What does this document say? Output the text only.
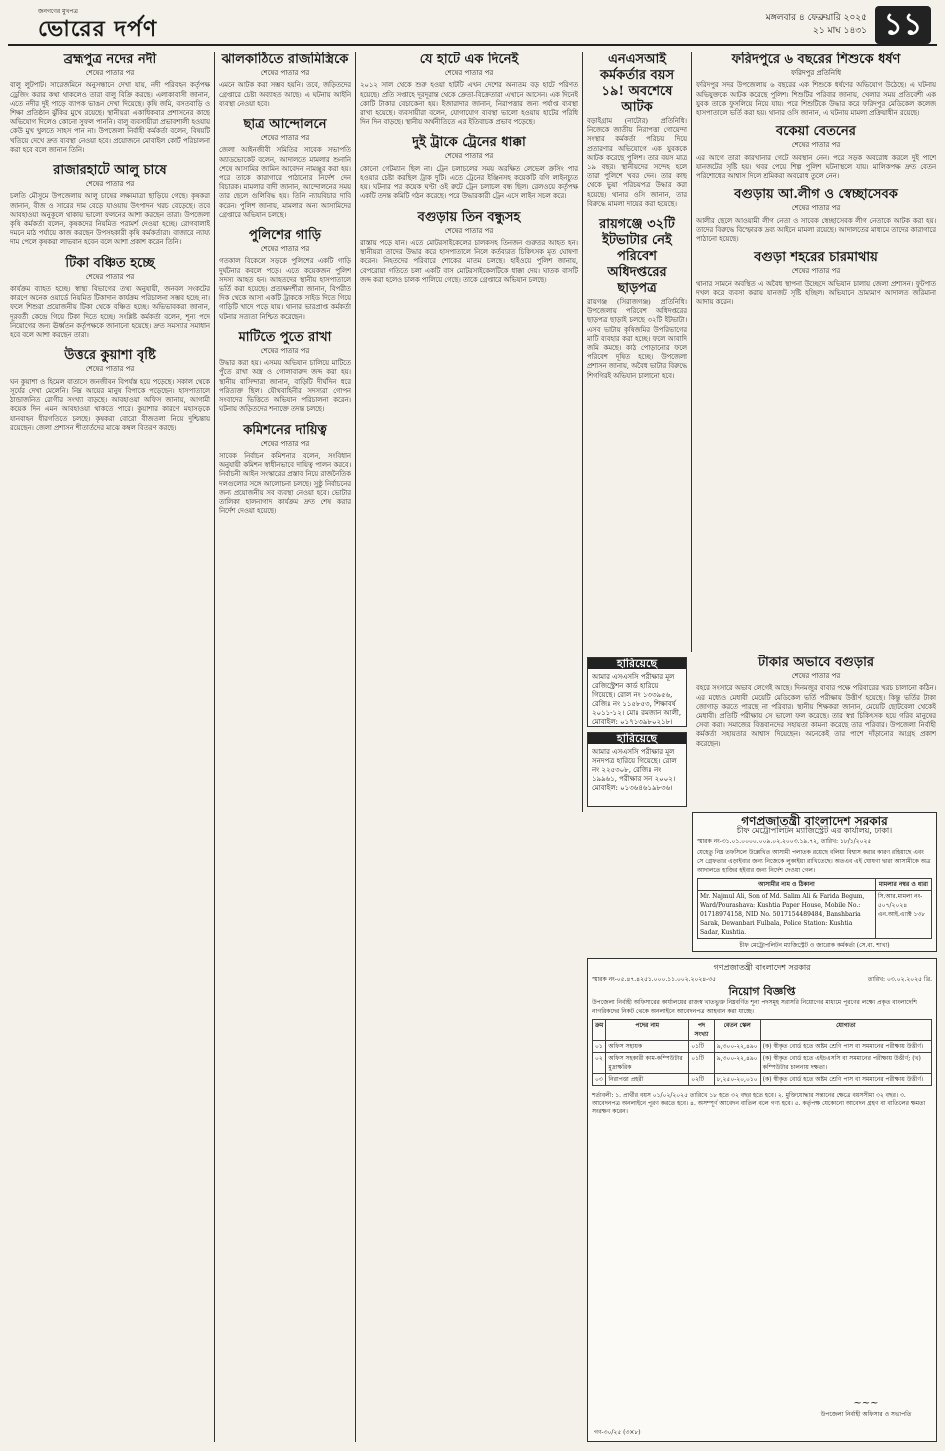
জনগণের মুখপত্র
ভোরের দর্পণ	মঙ্গলবার ৪ ফেব্রুয়ারি ২০২৫
২১ মাঘ ১৪৩১ ১১
ব্রহ্মপুত্র নদের নদী
শেষের পাতার পর
বালু লুটপাট। সারেজমিনে অনুসন্ধানে দেখা যায়, নদী পরিবহন কর্তৃপক্ষ ড্রেজিং করার কথা থাকলেও তারা বালু বিক্রি করছে। এলাকাবাসী জানান, এতে নদীর দুই পাড়ে ব্যাপক ভাঙন দেখা দিয়েছে। কৃষি জমি, বসতবাড়ি ও শিক্ষা প্রতিষ্ঠান ঝুঁকির মুখে রয়েছে। স্থানীয়রা একাধিকবার প্রশাসনের কাছে অভিযোগ দিলেও কোনো সুফল পাননি। বালু ব্যবসায়ীরা প্রভাবশালী হওয়ায় কেউ মুখ খুলতে সাহস পান না। উপজেলা নির্বাহী কর্মকর্তা বলেন, বিষয়টি খতিয়ে দেখে দ্রুত ব্যবস্থা নেওয়া হবে। প্রয়োজনে মোবাইল কোর্ট পরিচালনা করা হবে বলে জানান তিনি।
রাজারহাটে আলু চাষে
শেষের পাতার পর
চলতি মৌসুমে উপজেলায় আলু চাষের লক্ষ্যমাত্রা ছাড়িয়ে গেছে। কৃষকরা জানান, বীজ ও সারের দাম বেড়ে যাওয়ায় উৎপাদন খরচ বেড়েছে। তবে আবহাওয়া অনুকূলে থাকায় ভালো ফলনের আশা করছেন তারা। উপজেলা কৃষি কর্মকর্তা বলেন, কৃষকদের নিয়মিত পরামর্শ দেওয়া হচ্ছে। রোগবালাই দমনে মাঠ পর্যায়ে কাজ করছেন উপসহকারী কৃষি কর্মকর্তারা। বাজারে ন্যায্য দাম পেলে কৃষকরা লাভবান হবেন বলে আশা প্রকাশ করেন তিনি।
টিকা বঞ্চিত হচ্ছে
শেষের পাতার পর
কার্যক্রম ব্যাহত হচ্ছে। স্বাস্থ্য বিভাগের তথ্য অনুযায়ী, জনবল সংকটের কারণে অনেক ওয়ার্ডে নিয়মিত টিকাদান কার্যক্রম পরিচালনা সম্ভব হচ্ছে না। ফলে শিশুরা প্রয়োজনীয় টিকা থেকে বঞ্চিত হচ্ছে। অভিভাবকরা জানান, দূরবর্তী কেন্দ্রে গিয়ে টিকা দিতে হচ্ছে। সংশ্লিষ্ট কর্মকর্তা বলেন, শূন্য পদে নিয়োগের জন্য ঊর্ধ্বতন কর্তৃপক্ষকে জানানো হয়েছে। দ্রুত সমস্যার সমাধান হবে বলে আশা করছেন তারা।
উত্তরে কুয়াশা বৃষ্টি
শেষের পাতার পর
ঘন কুয়াশা ও হিমেল বাতাসে জনজীবন বিপর্যস্ত হয়ে পড়েছে। সকাল থেকে সূর্যের দেখা মেলেনি। নিম্ন আয়ের মানুষ বিপাকে পড়েছেন। হাসপাতালে ঠান্ডাজনিত রোগীর সংখ্যা বাড়ছে। আবহাওয়া অফিস জানায়, আগামী কয়েক দিন এমন আবহাওয়া থাকতে পারে। কুয়াশার কারণে মহাসড়কে যানবাহন ধীরগতিতে চলছে। কৃষকরা বোরো বীজতলা নিয়ে দুশ্চিন্তায় রয়েছেন। জেলা প্রশাসন শীতার্তদের মাঝে কম্বল বিতরণ করছে।
ঝালকাঠিতে রাজমিস্ত্রিকে
শেষের পাতার পর
এমনে আটক করা সম্ভব হয়নি। তবে, জড়িতদের গ্রেপ্তারে চেষ্টা অব্যাহত আছে। এ ঘটনায় আইনি ব্যবস্থা নেওয়া হবে।
ছাত্র আন্দোলনে
শেষের পাতার পর
জেলা আইনজীবী সমিতির সাবেক সভাপতি অ্যাডভোকেট বলেন, আদালতে মামলার শুনানি শেষে আসামির জামিন আবেদন নামঞ্জুর করা হয়। পরে তাকে কারাগারে পাঠানোর নির্দেশ দেন বিচারক। মামলার বাদী জানান, আন্দোলনের সময় তার ছেলে গুলিবিদ্ধ হয়। তিনি ন্যায়বিচার দাবি করেন। পুলিশ জানায়, মামলার অন্য আসামিদের গ্রেপ্তারে অভিযান চলছে।
পুলিশের গাড়ি
শেষের পাতার পর
গতকাল বিকেলে সড়কে পুলিশের একটি গাড়ি দুর্ঘটনার কবলে পড়ে। এতে কয়েকজন পুলিশ সদস্য আহত হন। আহতদের স্থানীয় হাসপাতালে ভর্তি করা হয়েছে। প্রত্যক্ষদর্শীরা জানান, বিপরীত দিক থেকে আসা একটি ট্রাককে সাইড দিতে গিয়ে গাড়িটি খাদে পড়ে যায়। থানার ভারপ্রাপ্ত কর্মকর্তা ঘটনার সত্যতা নিশ্চিত করেছেন।
মাটিতে পুতে রাখা
শেষের পাতার পর
উদ্ধার করা হয়। এসময় অভিযান চালিয়ে মাটিতে পুঁতে রাখা অস্ত্র ও গোলাবারুদ জব্দ করা হয়। স্থানীয় বাসিন্দারা জানান, বাড়িটি দীর্ঘদিন ধরে পরিত্যক্ত ছিল। যৌথবাহিনীর সদস্যরা গোপন সংবাদের ভিত্তিতে অভিযান পরিচালনা করেন। ঘটনায় জড়িতদের শনাক্তে তদন্ত চলছে।
কমিশনের দায়িত্ব
শেষের পাতার পর
সাবেক নির্বাচন কমিশনার বলেন, সংবিধান অনুযায়ী কমিশন স্বাধীনভাবে দায়িত্ব পালন করবে। নির্বাচনী আইন সংস্কারের প্রস্তাব নিয়ে রাজনৈতিক দলগুলোর সঙ্গে আলোচনা চলছে। সুষ্ঠু নির্বাচনের জন্য প্রয়োজনীয় সব ব্যবস্থা নেওয়া হবে। ভোটার তালিকা হালনাগাদ কার্যক্রম দ্রুত শেষ করার নির্দেশ দেওয়া হয়েছে।
যে হাটে এক দিনেই
শেষের পাতার পর
২০১২ সাল থেকে শুরু হওয়া হাটটি এখন দেশের অন্যতম বড় হাটে পরিণত হয়েছে। প্রতি সপ্তাহে দূরদূরান্ত থেকে ক্রেতা-বিক্রেতারা এখানে আসেন। এক দিনেই কোটি টাকার বেচাকেনা হয়। ইজারাদার জানান, নিরাপত্তার জন্য পর্যাপ্ত ব্যবস্থা রাখা হয়েছে। ব্যবসায়ীরা বলেন, যোগাযোগ ব্যবস্থা ভালো হওয়ায় হাটের পরিধি দিন দিন বাড়ছে। স্থানীয় অর্থনীতিতে এর ইতিবাচক প্রভাব পড়েছে।
দুই ট্রাকে ট্রেনের ধাক্কা
শেষের পাতার পর
কোনো গেটম্যান ছিল না। ট্রেন চলাচলের সময় অরক্ষিত লেভেল ক্রসিং পার হওয়ার চেষ্টা করছিল ট্রাক দুটি। এতে ট্রেনের ইঞ্জিনসহ কয়েকটি বগি লাইনচ্যুত হয়। ঘটনার পর কয়েক ঘণ্টা ওই রুটে ট্রেন চলাচল বন্ধ ছিল। রেলওয়ে কর্তৃপক্ষ একটি তদন্ত কমিটি গঠন করেছে। পরে উদ্ধারকারী ট্রেন এসে লাইন সচল করে।
বগুড়ায় তিন বন্ধুসহ
শেষের পাতার পর
রাস্তায় পড়ে যান। এতে মোটরসাইকেলের চালকসহ তিনজন গুরুতর আহত হন। স্থানীয়রা তাদের উদ্ধার করে হাসপাতালে নিলে কর্তব্যরত চিকিৎসক মৃত ঘোষণা করেন। নিহতদের পরিবারে শোকের মাতম চলছে। হাইওয়ে পুলিশ জানায়, বেপরোয়া গতিতে চলা একটি বাস মোটরসাইকেলটিকে ধাক্কা দেয়। ঘাতক বাসটি জব্দ করা হলেও চালক পালিয়ে গেছে। তাকে গ্রেপ্তারে অভিযান চলছে।
এনএসআই কর্মকর্তার বয়স ১৯! অবশেষে আটক
বড়াইগ্রাম (নাটোর) প্রতিনিধি। নিজেকে জাতীয় নিরাপত্তা গোয়েন্দা সংস্থার কর্মকর্তা পরিচয় দিয়ে প্রতারণার অভিযোগে এক যুবককে আটক করেছে পুলিশ। তার বয়স মাত্র ১৯ বছর। স্থানীয়দের সন্দেহ হলে তারা পুলিশে খবর দেন। তার কাছ থেকে ভুয়া পরিচয়পত্র উদ্ধার করা হয়েছে। থানার ওসি জানান, তার বিরুদ্ধে মামলা দায়ের করা হয়েছে।
রায়গঞ্জে ৩২টি ইটভাটার নেই পরিবেশ অধিদপ্তরের ছাড়পত্র
রায়গঞ্জ (সিরাজগঞ্জ) প্রতিনিধি। উপজেলায় পরিবেশ অধিদপ্তরের ছাড়পত্র ছাড়াই চলছে ৩২টি ইটভাটা। এসব ভাটায় কৃষিজমির উপরিভাগের মাটি ব্যবহার করা হচ্ছে। ফলে আবাদি জমি কমছে। কাঠ পোড়ানোর ফলে পরিবেশ দূষিত হচ্ছে। উপজেলা প্রশাসন জানায়, অবৈধ ভাটার বিরুদ্ধে শিগগিরই অভিযান চালানো হবে।
ফরিদপুরে ৬ বছরের শিশুকে ধর্ষণ
ফরিদপুর প্রতিনিধি
ফরিদপুর সদর উপজেলায় ৬ বছরের এক শিশুকে ধর্ষণের অভিযোগ উঠেছে। এ ঘটনায় অভিযুক্তকে আটক করেছে পুলিশ। শিশুটির পরিবার জানায়, খেলার সময় প্রতিবেশী এক যুবক তাকে ফুসলিয়ে নিয়ে যায়। পরে শিশুটিকে উদ্ধার করে ফরিদপুর মেডিকেল কলেজ হাসপাতালে ভর্তি করা হয়। থানার ওসি জানান, এ ঘটনায় মামলা প্রক্রিয়াধীন রয়েছে।
বকেয়া বেতনের
শেষের পাতার পর
এর আগে তারা কারখানার গেটে অবস্থান নেন। পরে সড়ক অবরোধ করলে দুই পাশে যানজটের সৃষ্টি হয়। খবর পেয়ে শিল্প পুলিশ ঘটনাস্থলে যায়। মালিকপক্ষ দ্রুত বেতন পরিশোধের আশ্বাস দিলে শ্রমিকরা অবরোধ তুলে নেন।
বগুড়ায় আ.লীগ ও স্বেচ্ছাসেবক
শেষের পাতার পর
আলীর ছেলে আওয়ামী লীগ নেতা ও সাবেক স্বেচ্ছাসেবক লীগ নেতাকে আটক করা হয়। তাদের বিরুদ্ধে বিস্ফোরক দ্রব্য আইনে মামলা রয়েছে। আদালতের মাধ্যমে তাদের কারাগারে পাঠানো হয়েছে।
বগুড়া শহরের চারমাথায়
শেষের পাতার পর
থানার সামনে অবস্থিত এ অবৈধ স্থাপনা উচ্ছেদে অভিযান চালায় জেলা প্রশাসন। ফুটপাত দখল করে ব্যবসা করায় যানজট সৃষ্টি হচ্ছিল। অভিযানে ভ্রাম্যমাণ আদালত জরিমানা আদায় করেন।
টাকার অভাবে বগুড়ার
শেষের পাতার পর
বহরে সংসারে অভাব লেগেই আছে। দিনমজুর বাবার পক্ষে পরিবারের খরচ চালানো কঠিন। এর মধ্যেও মেধাবী মেয়েটি মেডিকেল ভর্তি পরীক্ষায় উত্তীর্ণ হয়েছে। কিন্তু ভর্তির টাকা জোগাড় করতে পারছে না পরিবার। স্থানীয় শিক্ষকরা জানান, মেয়েটি ছোটবেলা থেকেই মেধাবী। প্রতিটি পরীক্ষায় সে ভালো ফল করেছে। তার স্বপ্ন চিকিৎসক হয়ে গরিব মানুষের সেবা করা। সমাজের বিত্তবানদের সহায়তা কামনা করেছে তার পরিবার। উপজেলা নির্বাহী কর্মকর্তা সহায়তার আশ্বাস দিয়েছেন। অনেকেই তার পাশে দাঁড়ানোর আগ্রহ প্রকাশ করেছেন।
হারিয়েছে
আমার এসএসসি পরীক্ষার মূল রেজিস্ট্রেশন কার্ড হারিয়ে গিয়েছে। রোল নং ১৩৩৯৫৬, রেজিঃ নং ১১৫৮৫৩, শিক্ষাবর্ষ ২০১১-১২। মোঃ রমজান আলী, মোবাইল: ০১৭১৩৯৮০২১৮।
হারিয়েছে
আমার এসএসসি পরীক্ষার মূল সনদপত্র হারিয়ে গিয়েছে। রোল নং ২২৫৩০৮, রেজিঃ নং ১৯৯৬১, পরীক্ষার সন ২০০২। মোবাইল: ০১৩৬৪৬১৯৮৩৬।
গণপ্রজাতন্ত্রী বাংলাদেশ সরকার
চীফ মেট্রোপলিটন ম্যাজিস্ট্রেট এর কার্যালয়, ঢাকা।
স্মারক নং-৩১.০১.০০০০.০০৯.০২.২০০৩.১৯.৭২, তারিখ: ১৮/১/২০২৫
যেহেতু নিম্ন তফসিলে উল্লেখিত আসামী পলাতক রয়েছে বলিয়া বিশ্বাস করার কারণ রহিয়াছে এবং সে গ্রেফতার এড়াইবার জন্য নিজেকে লুকাইয়া রাখিতেছে। অতএব এই ঘোষণা দ্বারা আসামীকে অত্র আদালতে হাজির হইবার জন্য নির্দেশ দেওয়া গেল।
আসামীর নাম ও ঠিকানা	মামলার নম্বর ও ধারা
Mr. Najmul Ali, Son of Md. Salim Ali & Farida Begum, Ward/Pourashava: Kushtia Paper House, Mobile No.: 01718974158, NID No. 5017154489484, Banshbaria Sarak, Dewanbari Fulbala, Police Station: Kushtia Sadar, Kushtia.	সি.আর.মামলা নং- ৫০৭/২০২৪ এন.আই.এ্যাক্ট ১৩৮
চীফ মেট্রোপলিটন ম্যাজিস্ট্রেট ও জারোক কর্মকর্তা (সে.বা. শাখা)
গণপ্রজাতন্ত্রী বাংলাদেশ সরকার
স্মারক নং-০৫.৪৭.৪২৫১.০০০.১১.০০২.২০২৪-৩৫	তারিখ: ০৩.০২.২০২৫ খ্রি.
নিয়োগ বিজ্ঞপ্তি
উপজেলা নির্বাহী অফিসারের কার্যালয়ের রাজস্ব খাতভুক্ত নিম্নবর্ণিত শূন্য পদসমূহ সরাসরি নিয়োগের মাধ্যমে পূরণের লক্ষ্যে প্রকৃত বাংলাদেশি নাগরিকদের নিকট থেকে অনলাইনে আবেদনপত্র আহবান করা যাচ্ছে।
ক্রম	পদের নাম	পদ সংখ্যা	বেতন স্কেল	যোগ্যতা
০১	অফিস সহায়ক	০১টি	৯,৩০০-২২,৪৯০	(ক) স্বীকৃত বোর্ড হতে অষ্টম শ্রেণি পাস বা সমমানের পরীক্ষায় উত্তীর্ণ।
০২	অফিস সহকারী কাম-কম্পিউটার মুদ্রাক্ষরিক	০১টি	৯,৩০০-২২,৪৯০	(ক) স্বীকৃত বোর্ড হতে এইচএসসি বা সমমানের পরীক্ষায় উত্তীর্ণ; (খ) কম্পিউটার চালনায় দক্ষতা।
০৩	নিরাপত্তা প্রহরী	০২টি	৮,২৫০-২০,০১০	(ক) স্বীকৃত বোর্ড হতে অষ্টম শ্রেণি পাস বা সমমানের পরীক্ষায় উত্তীর্ণ।
শর্তাবলী: ১. প্রার্থীর বয়স ০১/০২/২০২৫ তারিখে ১৮ হতে ৩২ বছর হতে হবে। ২. মুক্তিযোদ্ধার সন্তানের ক্ষেত্রে বয়সসীমা ৩২ বছর। ৩. আবেদনপত্র অনলাইনে পূরণ করতে হবে। ৪. অসম্পূর্ণ আবেদন বাতিল বলে গণ্য হবে। ৫. কর্তৃপক্ষ যেকোনো আবেদন গ্রহণ বা বাতিলের ক্ষমতা সংরক্ষণ করেন।
~~~
উপজেলা নির্বাহী অফিসার ও সভাপতি
গণ-৩০/২৫ (৩×৮)
